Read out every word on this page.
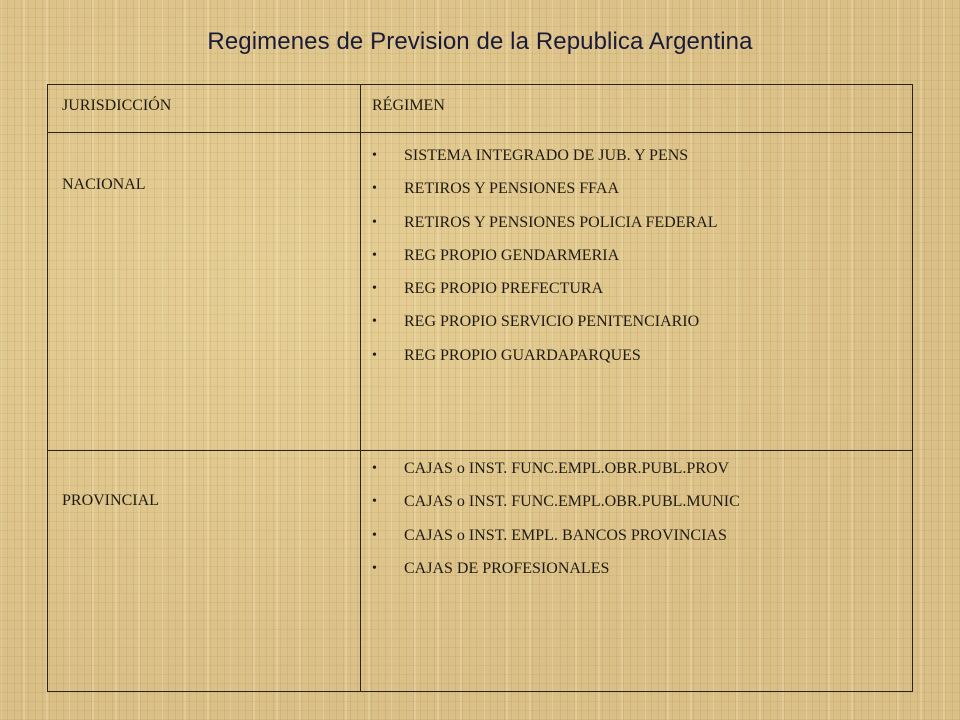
Regimenes de Prevision de la Republica Argentina
JURISDICCIÓN	RÉGIMEN
NACIONAL
• SISTEMA INTEGRADO DE JUB. Y PENS
• RETIROS Y PENSIONES FFAA
• RETIROS Y PENSIONES POLICIA FEDERAL
• REG PROPIO GENDARMERIA
• REG PROPIO PREFECTURA
• REG PROPIO SERVICIO PENITENCIARIO
• REG PROPIO GUARDAPARQUES
PROVINCIAL
• CAJAS o INST. FUNC.EMPL.OBR.PUBL.PROV
• CAJAS o INST. FUNC.EMPL.OBR.PUBL.MUNIC
• CAJAS o INST. EMPL. BANCOS PROVINCIAS
• CAJAS DE PROFESIONALES
